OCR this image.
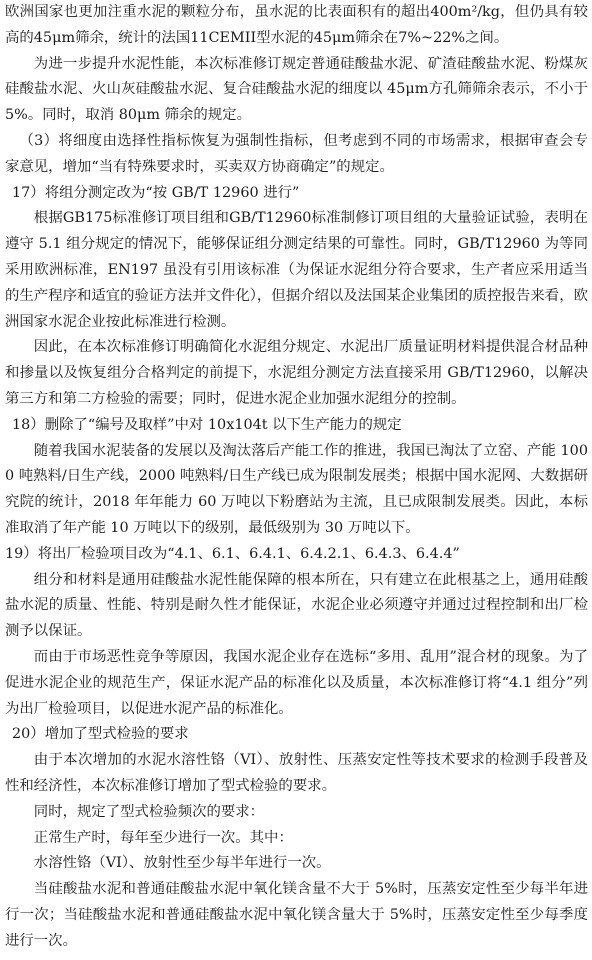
欧洲国家也更加注重水泥的颗粒分布，虽水泥的比表面积有的超出400m²/kg，但仍具有较高的45μm筛余，统计的法国11CEMII型水泥的45μm筛余在7%~22%之间。

为进一步提升水泥性能，本次标准修订规定普通硅酸盐水泥、矿渣硅酸盐水泥、粉煤灰硅酸盐水泥、火山灰硅酸盐水泥、复合硅酸盐水泥的细度以 45μm方孔筛筛余表示，不小于 5%。同时，取消 80μm 筛余的规定。

（3）将细度由选择性指标恢复为强制性指标，但考虑到不同的市场需求，根据审查会专家意见，增加“当有特殊要求时，买卖双方协商确定”的规定。

17）将组分测定改为“按 GB/T 12960 进行”

根据GB175标准修订项目组和GB/T12960标准制修订项目组的大量验证试验，表明在遵守 5.1 组分规定的情况下，能够保证组分测定结果的可靠性。同时，GB/T12960 为等同采用欧洲标准，EN197 虽没有引用该标准（为保证水泥组分符合要求，生产者应采用适当的生产程序和适宜的验证方法并文件化），但据介绍以及法国某企业集团的质控报告来看，欧洲国家水泥企业按此标准进行检测。

因此，在本次标准修订明确简化水泥组分规定、水泥出厂质量证明材料提供混合材品种和掺量以及恢复组分合格判定的前提下，水泥组分测定方法直接采用 GB/T12960，以解决第三方和第二方检验的需要；同时，促进水泥企业加强水泥组分的控制。

18）删除了“编号及取样”中对 10x104t 以下生产能力的规定

随着我国水泥装备的发展以及淘汰落后产能工作的推进，我国已淘汰了立窑、产能 1000 吨熟料/日生产线，2000 吨熟料/日生产线已成为限制发展类；根据中国水泥网、大数据研究院的统计，2018 年年能力 60 万吨以下粉磨站为主流，且已成限制发展类。因此，本标准取消了年产能 10 万吨以下的级别，最低级别为 30 万吨以下。

19）将出厂检验项目改为“4.1、6.1、6.4.1、6.4.2.1、6.4.3、6.4.4”

组分和材料是通用硅酸盐水泥性能保障的根本所在，只有建立在此根基之上，通用硅酸盐水泥的质量、性能、特别是耐久性才能保证，水泥企业必须遵守并通过过程控制和出厂检测予以保证。

而由于市场恶性竞争等原因，我国水泥企业存在选标“多用、乱用”混合材的现象。为了促进水泥企业的规范生产，保证水泥产品的标准化以及质量，本次标准修订将“4.1 组分”列为出厂检验项目，以促进水泥产品的标准化。

20）增加了型式检验的要求

由于本次增加的水泥水溶性铬（VI）、放射性、压蒸安定性等技术要求的检测手段普及性和经济性，本次标准修订增加了型式检验的要求。

同时，规定了型式检验频次的要求：

正常生产时，每年至少进行一次。其中：

水溶性铬（VI）、放射性至少每半年进行一次。

当硅酸盐水泥和普通硅酸盐水泥中氧化镁含量不大于 5%时，压蒸安定性至少每半年进行一次；当硅酸盐水泥和普通硅酸盐水泥中氧化镁含量大于 5%时，压蒸安定性至少每季度进行一次。
